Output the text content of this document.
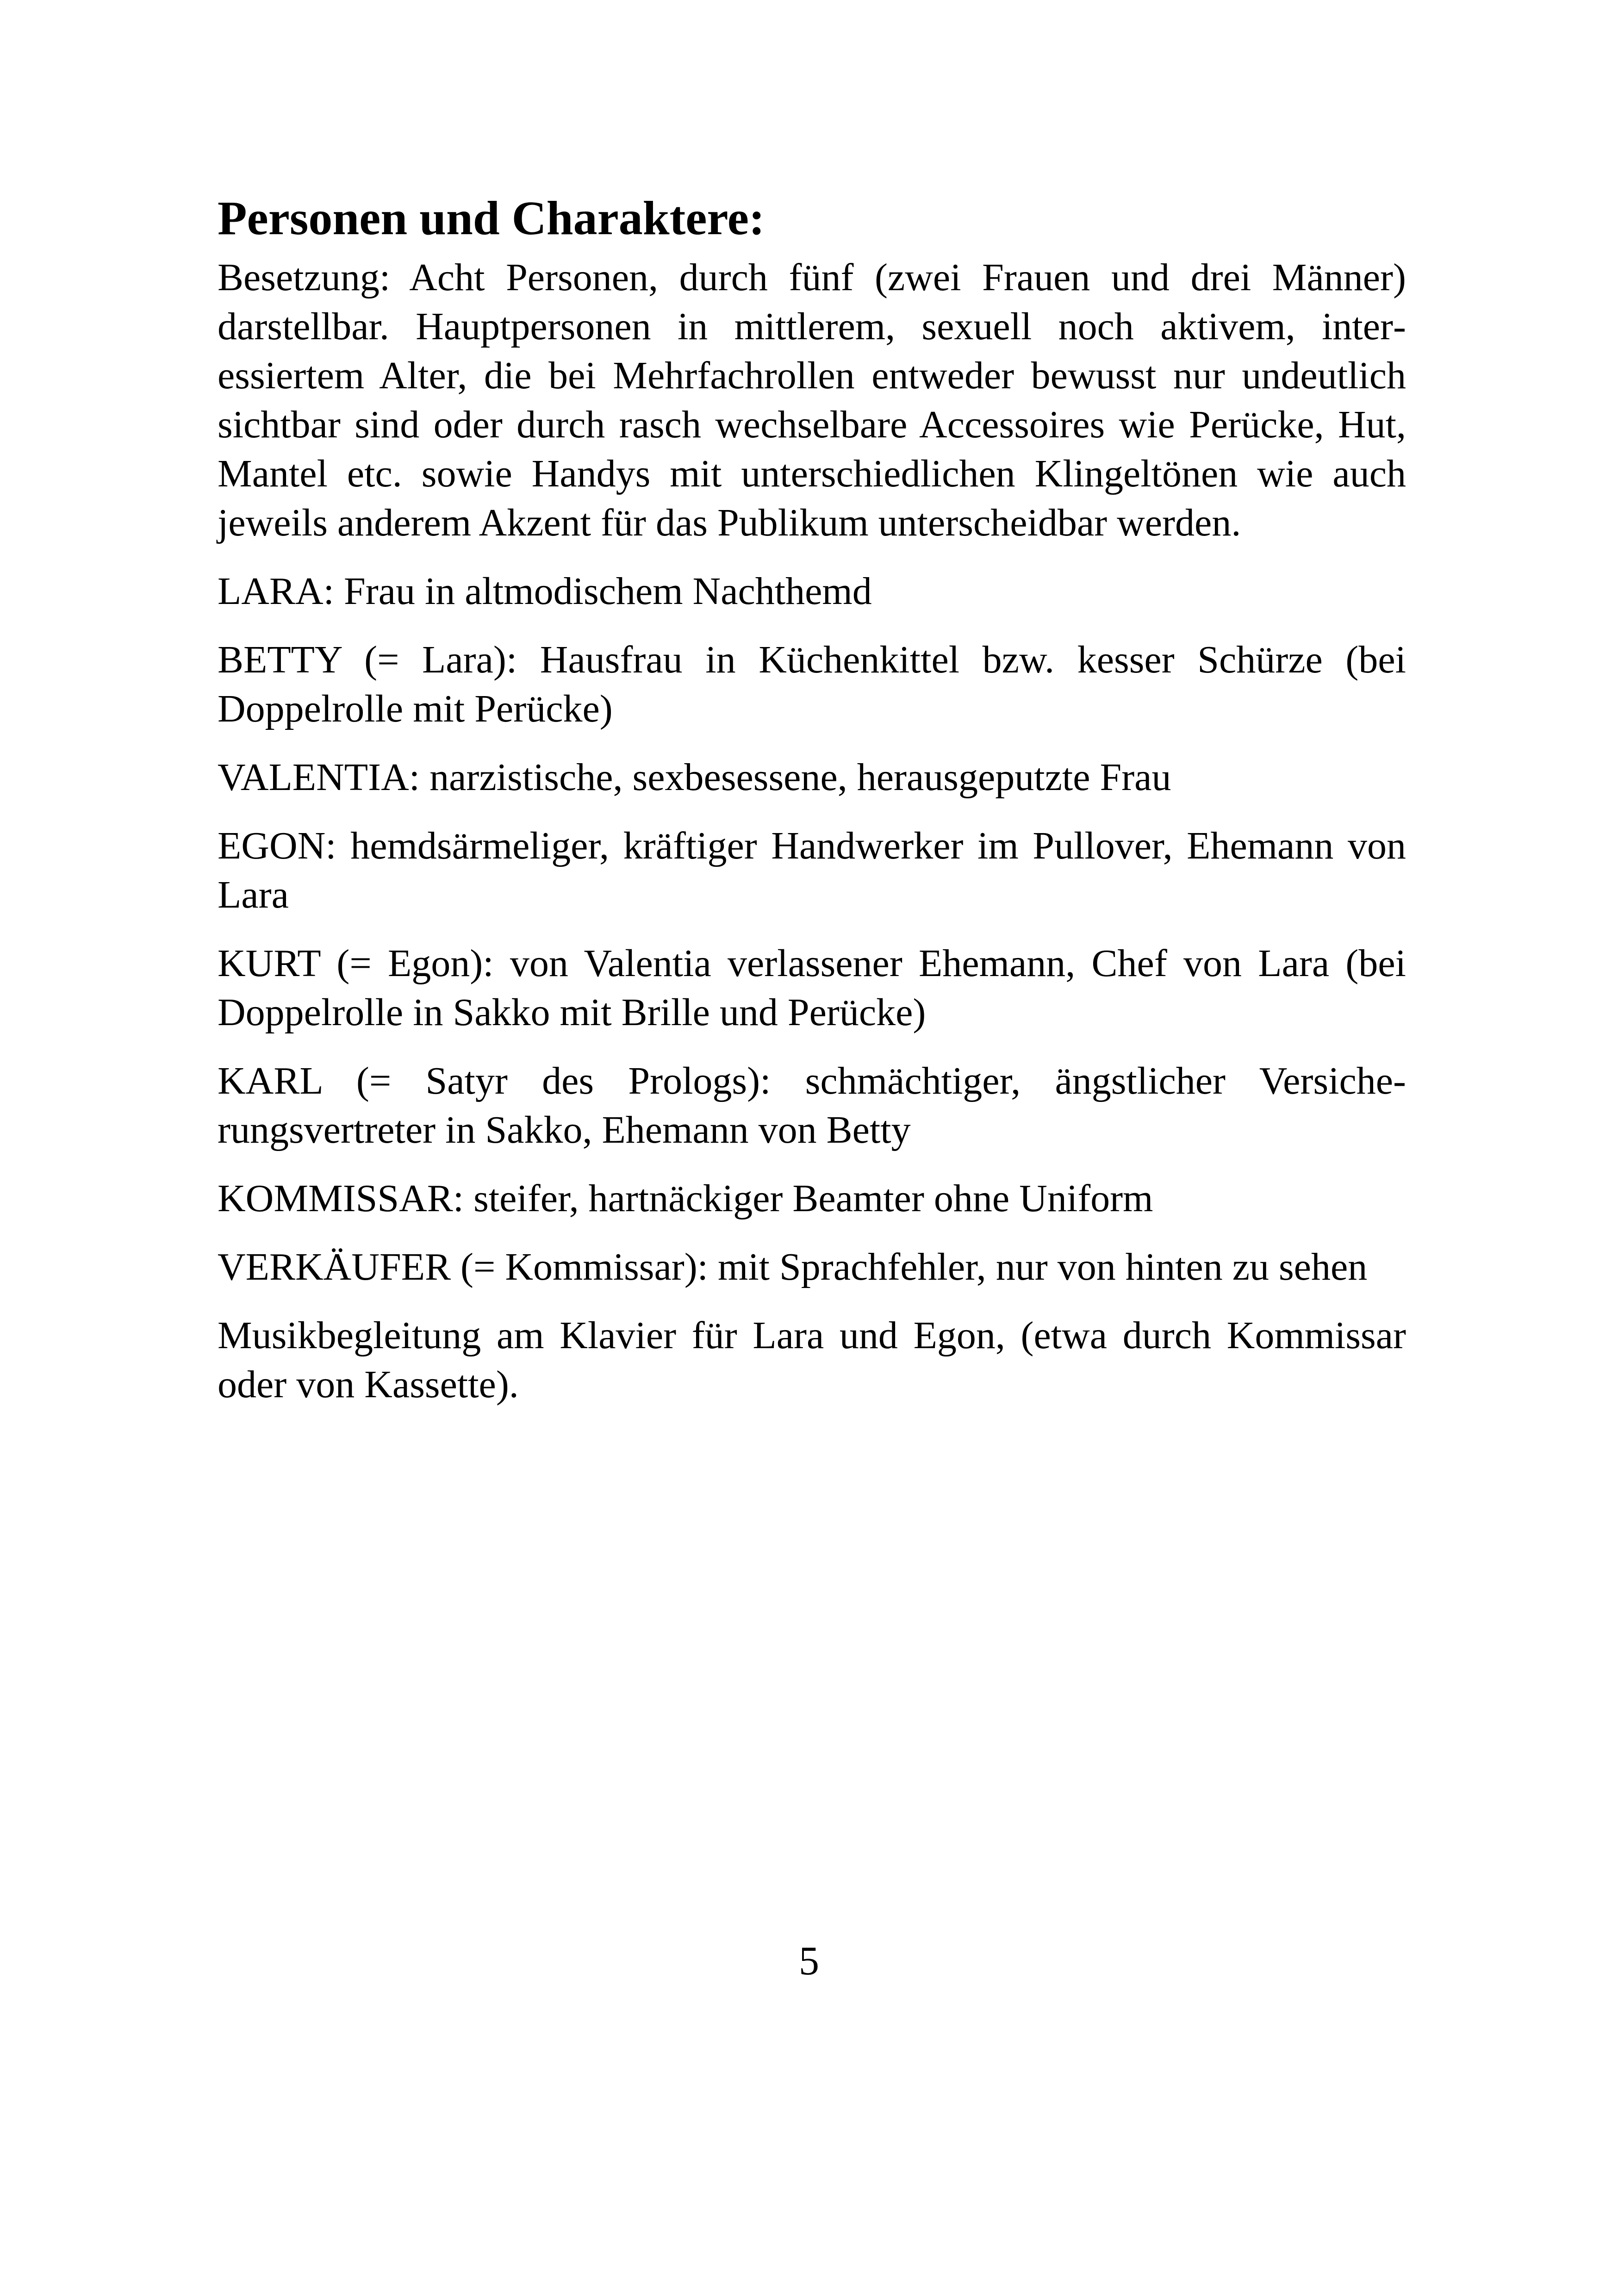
Personen und Charaktere:

Besetzung: Acht Personen, durch fünf (zwei Frauen und drei Männer) darstellbar. Hauptpersonen in mittlerem, sexuell noch aktivem, interessiertem Alter, die bei Mehrfachrollen entweder bewusst nur undeutlich sichtbar sind oder durch rasch wechselbare Accessoires wie Perücke, Hut, Mantel etc. sowie Handys mit unterschiedlichen Klingeltönen wie auch jeweils anderem Akzent für das Publikum unterscheidbar werden.

LARA: Frau in altmodischem Nachthemd

BETTY (= Lara): Hausfrau in Küchenkittel bzw. kesser Schürze (bei Doppelrolle mit Perücke)

VALENTIA: narzistische, sexbesessene, herausgeputzte Frau

EGON: hemdsärmeliger, kräftiger Handwerker im Pullover, Ehemann von Lara

KURT (= Egon): von Valentia verlassener Ehemann, Chef von Lara (bei Doppelrolle in Sakko mit Brille und Perücke)

KARL (= Satyr des Prologs): schmächtiger, ängstlicher Versicherungsvertreter in Sakko, Ehemann von Betty

KOMMISSAR: steifer, hartnäckiger Beamter ohne Uniform

VERKÄUFER (= Kommissar): mit Sprachfehler, nur von hinten zu sehen

Musikbegleitung am Klavier für Lara und Egon, (etwa durch Kommissar oder von Kassette).

5
